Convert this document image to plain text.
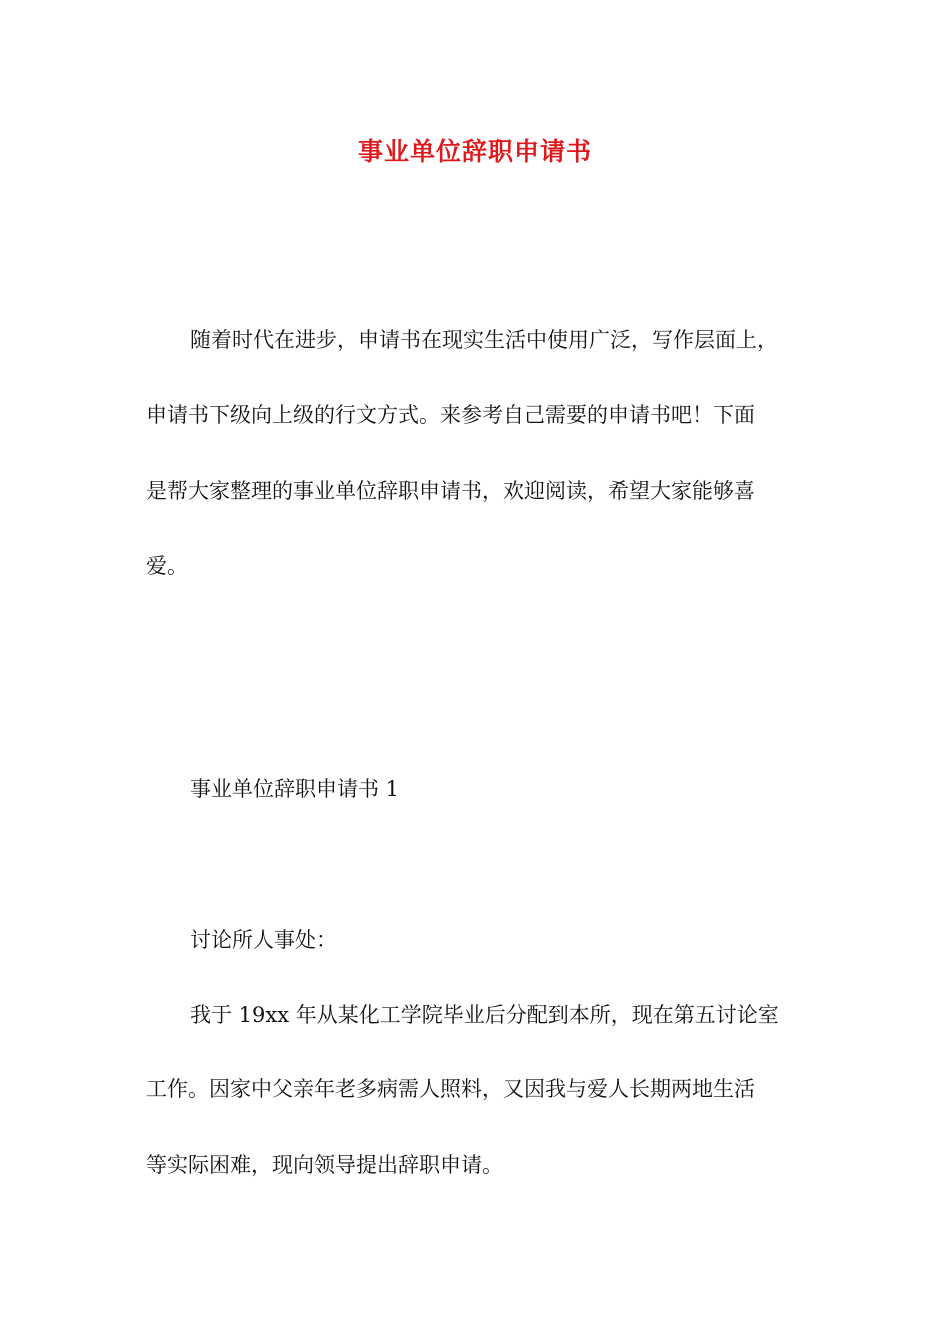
事业单位辞职申请书
随着时代在进步，申请书在现实生活中使用广泛，写作层面上，
申请书下级向上级的行文方式。来参考自己需要的申请书吧！下面
是帮大家整理的事业单位辞职申请书，欢迎阅读，希望大家能够喜
爱。
事业单位辞职申请书 1
讨论所人事处：
我于 19xx 年从某化工学院毕业后分配到本所，现在第五讨论室
工作。因家中父亲年老多病需人照料，又因我与爱人长期两地生活
等实际困难，现向领导提出辞职申请。
